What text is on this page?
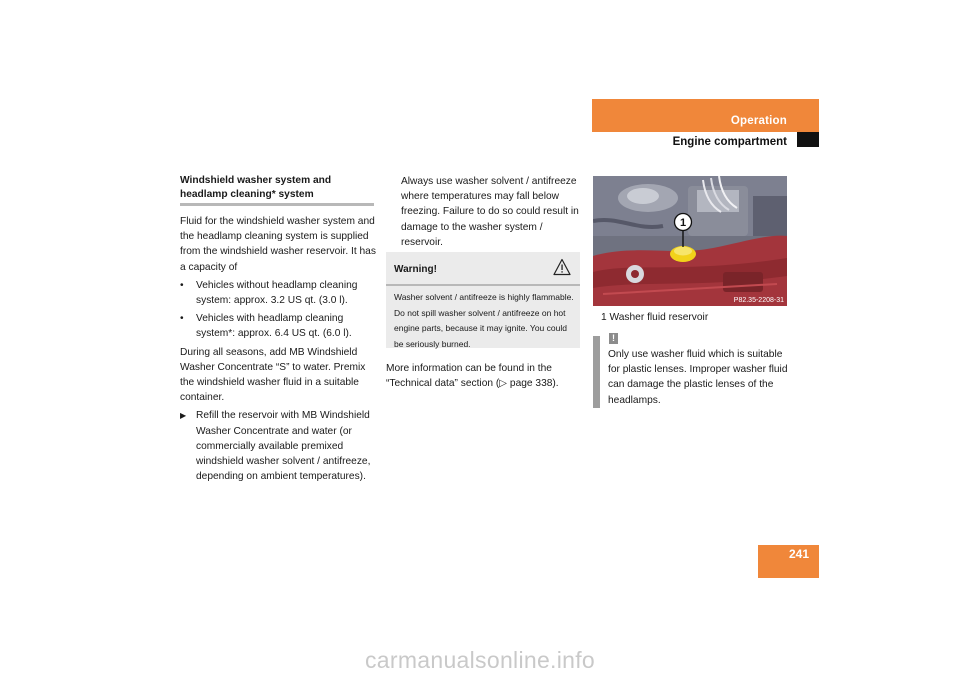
Operation
Engine compartment
Windshield washer system and
headlamp cleaning* system

Fluid for the windshield washer system and the headlamp cleaning system is supplied from the windshield washer reservoir. It has a capacity of

• Vehicles without headlamp cleaning system: approx. 3.2 US qt. (3.0 l).
• Vehicles with headlamp cleaning system*: approx. 6.4 US qt. (6.0 l).

During all seasons, add MB Windshield Washer Concentrate “S” to water. Premix the windshield washer fluid in a suitable container.

▶ Refill the reservoir with MB Windshield Washer Concentrate and water (or commercially available premixed windshield washer solvent / antifreeze, depending on ambient temperatures).
Always use washer solvent / antifreeze where temperatures may fall below freezing. Failure to do so could result in damage to the washer system / reservoir.
Warning!
Washer solvent / antifreeze is highly flammable. Do not spill washer solvent / antifreeze on hot engine parts, because it may ignite. You could be seriously burned.
More information can be found in the “Technical data” section (▷ page 338).
1
P82.35-2208-31
1 Washer fluid reservoir
!
Only use washer fluid which is suitable for plastic lenses. Improper washer fluid can damage the plastic lenses of the headlamps.
241
carmanualsonline.info
